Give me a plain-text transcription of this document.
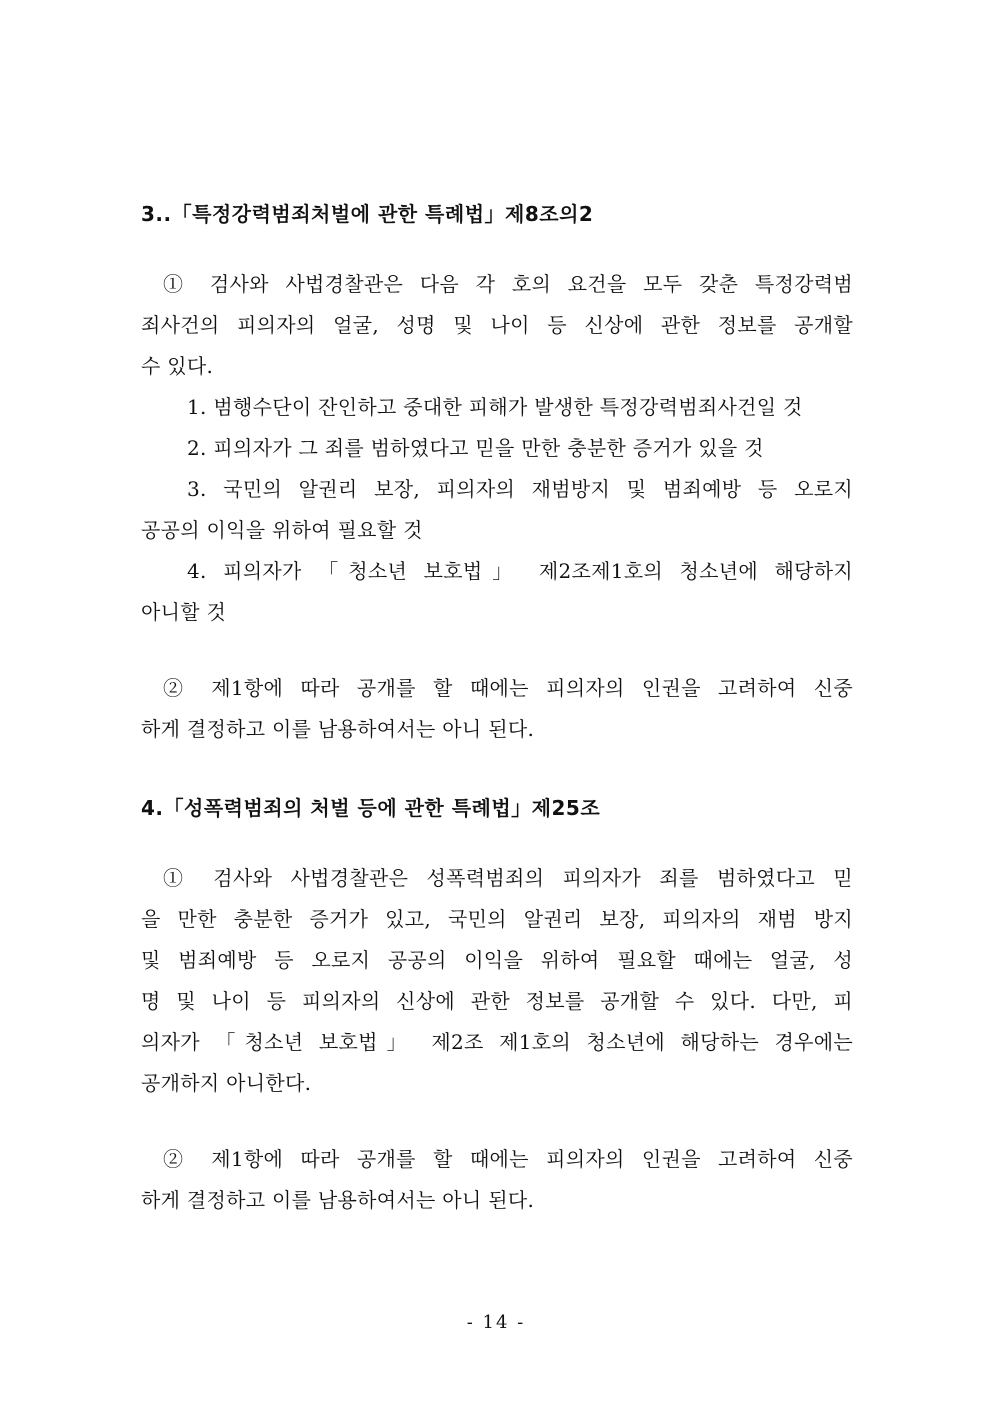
3..「특정강력범죄처벌에 관한 특례법」제8조의2
① 검사와 사법경찰관은 다음 각 호의 요건을 모두 갖춘 특정강력범
죄사건의 피의자의 얼굴, 성명 및 나이 등 신상에 관한 정보를 공개할
수 있다.
1. 범행수단이 잔인하고 중대한 피해가 발생한 특정강력범죄사건일 것
2. 피의자가 그 죄를 범하였다고 믿을 만한 충분한 증거가 있을 것
3. 국민의 알권리 보장, 피의자의 재범방지 및 범죄예방 등 오로지
공공의 이익을 위하여 필요할 것
4. 피의자가 「청소년 보호법」 제2조제1호의 청소년에 해당하지
아니할 것
② 제1항에 따라 공개를 할 때에는 피의자의 인권을 고려하여 신중
하게 결정하고 이를 남용하여서는 아니 된다.
4.「성폭력범죄의 처벌 등에 관한 특례법」제25조
① 검사와 사법경찰관은 성폭력범죄의 피의자가 죄를 범하였다고 믿
을 만한 충분한 증거가 있고, 국민의 알권리 보장, 피의자의 재범 방지
및 범죄예방 등 오로지 공공의 이익을 위하여 필요할 때에는 얼굴, 성
명 및 나이 등 피의자의 신상에 관한 정보를 공개할 수 있다. 다만, 피
의자가 「청소년 보호법」 제2조 제1호의 청소년에 해당하는 경우에는
공개하지 아니한다.
② 제1항에 따라 공개를 할 때에는 피의자의 인권을 고려하여 신중
하게 결정하고 이를 남용하여서는 아니 된다.
- 14 -
